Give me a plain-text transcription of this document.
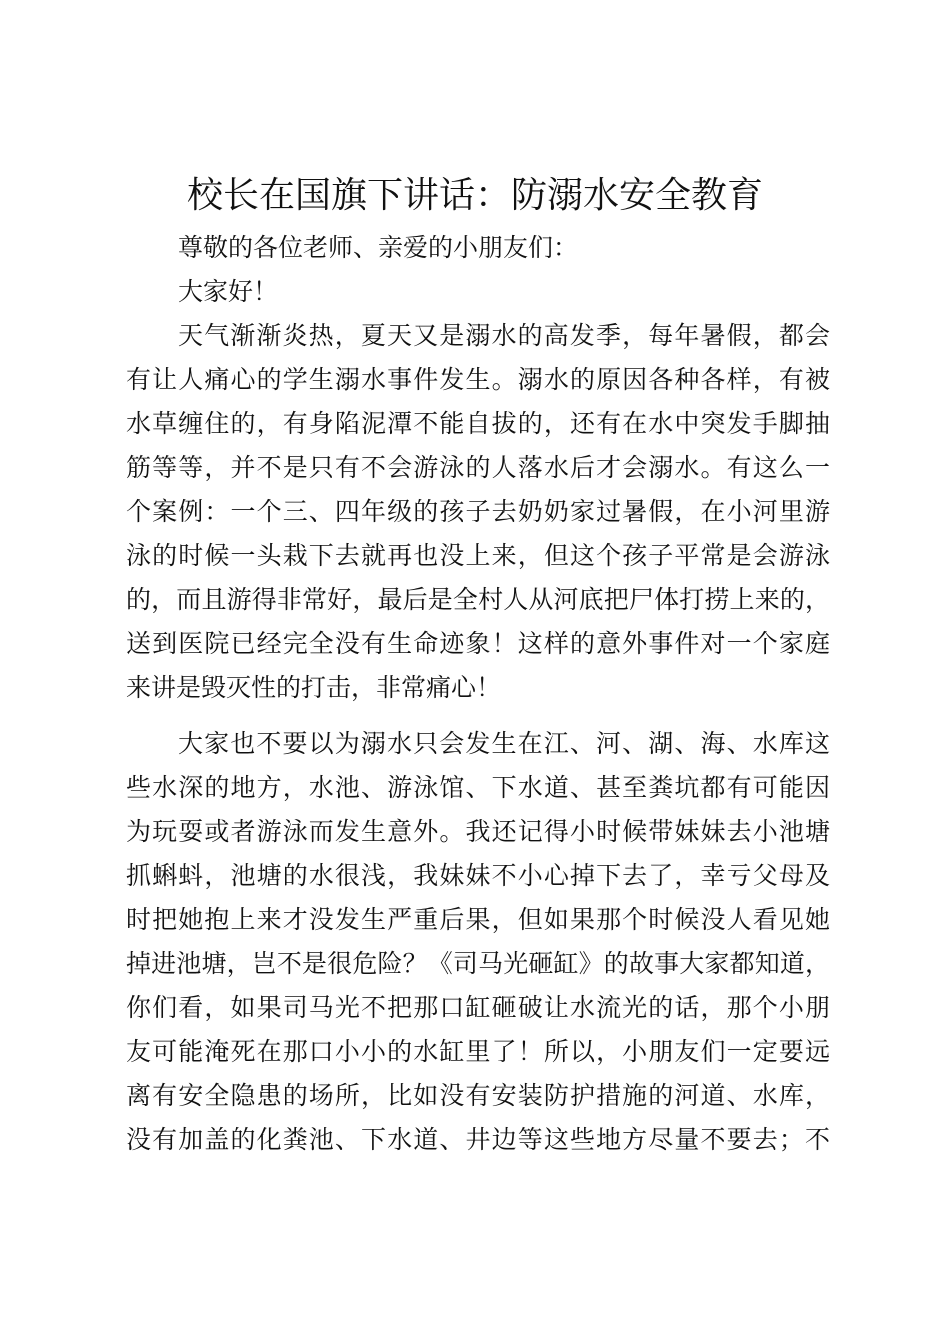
校长在国旗下讲话：防溺水安全教育
尊敬的各位老师、亲爱的小朋友们：
大家好！
天气渐渐炎热，夏天又是溺水的高发季，每年暑假，都会
有让人痛心的学生溺水事件发生。溺水的原因各种各样，有被
水草缠住的，有身陷泥潭不能自拔的，还有在水中突发手脚抽
筋等等，并不是只有不会游泳的人落水后才会溺水。有这么一
个案例：一个三、四年级的孩子去奶奶家过暑假，在小河里游
泳的时候一头栽下去就再也没上来，但这个孩子平常是会游泳
的，而且游得非常好，最后是全村人从河底把尸体打捞上来的，
送到医院已经完全没有生命迹象！这样的意外事件对一个家庭
来讲是毁灭性的打击，非常痛心！
大家也不要以为溺水只会发生在江、河、湖、海、水库这
些水深的地方，水池、游泳馆、下水道、甚至粪坑都有可能因
为玩耍或者游泳而发生意外。我还记得小时候带妹妹去小池塘
抓蝌蚪，池塘的水很浅，我妹妹不小心掉下去了，幸亏父母及
时把她抱上来才没发生严重后果，但如果那个时候没人看见她
掉进池塘，岂不是很危险？《司马光砸缸》的故事大家都知道，
你们看，如果司马光不把那口缸砸破让水流光的话，那个小朋
友可能淹死在那口小小的水缸里了！所以，小朋友们一定要远
离有安全隐患的场所，比如没有安装防护措施的河道、水库，
没有加盖的化粪池、下水道、井边等这些地方尽量不要去；不
